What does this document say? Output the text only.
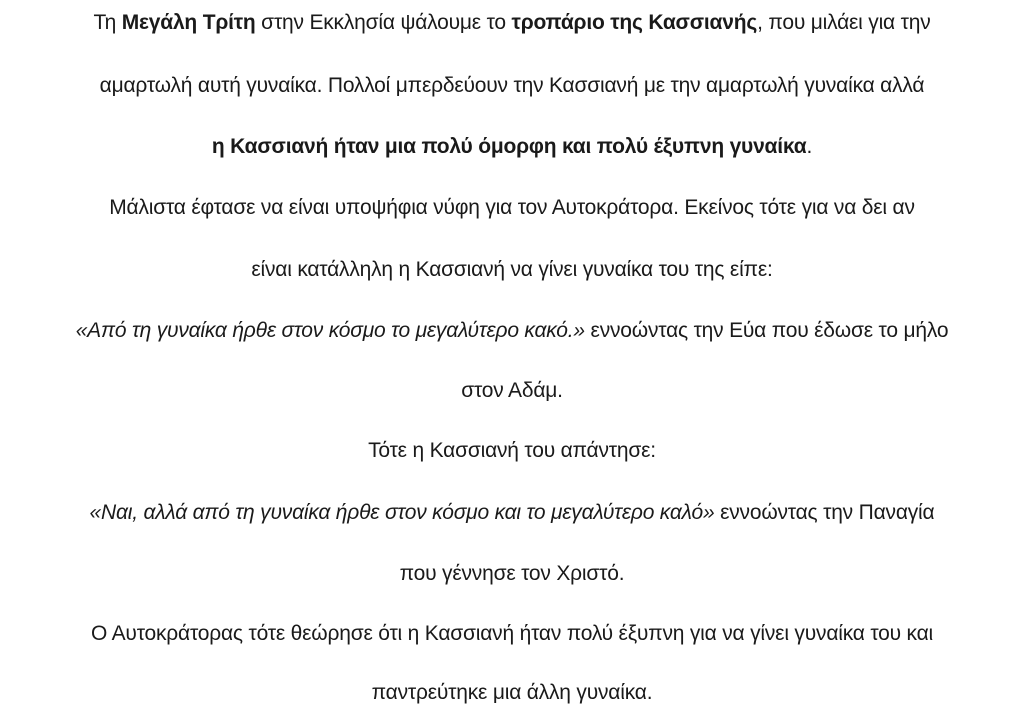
Τη Μεγάλη Τρίτη στην Εκκλησία ψάλουμε το τροπάριο της Κασσιανής, που μιλάει για την
αμαρτωλή αυτή γυναίκα. Πολλοί μπερδεύουν την Κασσιανή με την αμαρτωλή γυναίκα αλλά
η Κασσιανή ήταν μια πολύ όμορφη και πολύ έξυπνη γυναίκα.
Μάλιστα έφτασε να είναι υποψήφια νύφη για τον Αυτοκράτορα. Εκείνος τότε για να δει αν
είναι κατάλληλη η Κασσιανή να γίνει γυναίκα του της είπε:
«Από τη γυναίκα ήρθε στον κόσμο το μεγαλύτερο κακό.» εννοώντας την Εύα που έδωσε το μήλο
στον Αδάμ.
Τότε η Κασσιανή του απάντησε:
«Ναι, αλλά από τη γυναίκα ήρθε στον κόσμο και το μεγαλύτερο καλό» εννοώντας την Παναγία
που γέννησε τον Χριστό.
Ο Αυτοκράτορας τότε θεώρησε ότι η Κασσιανή ήταν πολύ έξυπνη για να γίνει γυναίκα του και
παντρεύτηκε μια άλλη γυναίκα.
